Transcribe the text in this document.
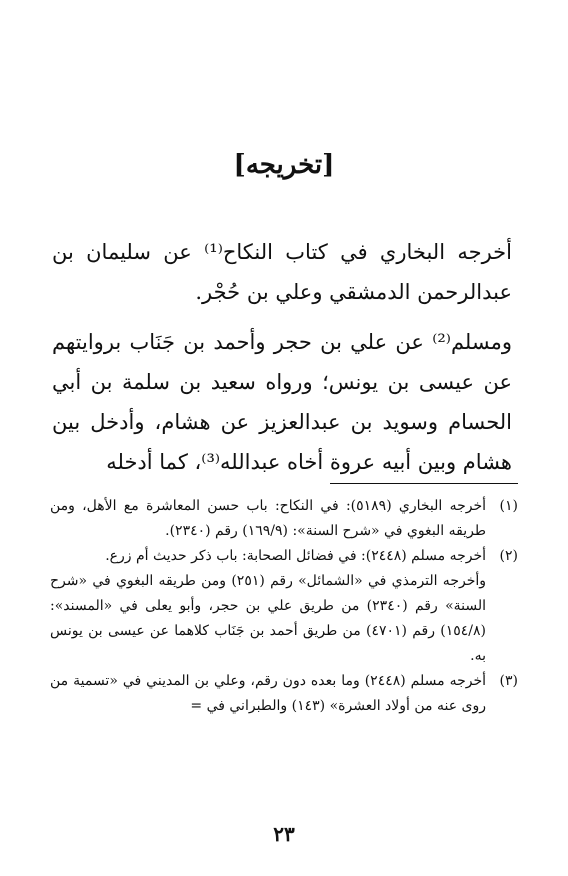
[تخريجه]
أخرجه البخاري في كتاب النكاح⁽¹⁾ عن سليمان بن عبدالرحمن الدمشقي وعلي بن حُجْر.
ومسلم⁽²⁾ عن علي بن حجر وأحمد بن جَنَاب بروايتهم عن عيسى بن يونس؛ ورواه سعيد بن سلمة بن أبي الحسام وسويد بن عبدالعزيز عن هشام، وأدخل بين هشام وبين أبيه عروة أخاه عبدالله⁽³⁾، كما أدخله
(١)
أخرجه البخاري (٥١٨٩): في النكاح: باب حسن المعاشرة مع الأهل، ومن طريقه البغوي في «شرح السنة»: (١٦٩/٩) رقم (٢٣٤٠).
(٢)
أخرجه مسلم (٢٤٤٨): في فضائل الصحابة: باب ذكر حديث أم زرع.
وأخرجه الترمذي في «الشمائل» رقم (٢٥١) ومن طريقه البغوي في «شرح السنة» رقم (٢٣٤٠) من طريق علي بن حجر، وأبو يعلى في «المسند»: (١٥٤/٨) رقم (٤٧٠١) من طريق أحمد بن جَنَاب كلاهما عن عيسى بن يونس به.
(٣)
أخرجه مسلم (٢٤٤٨) وما بعده دون رقم، وعلي بن المديني في «تسمية من روى عنه من أولاد العشرة» (١٤٣) والطبراني في =
٢٣
